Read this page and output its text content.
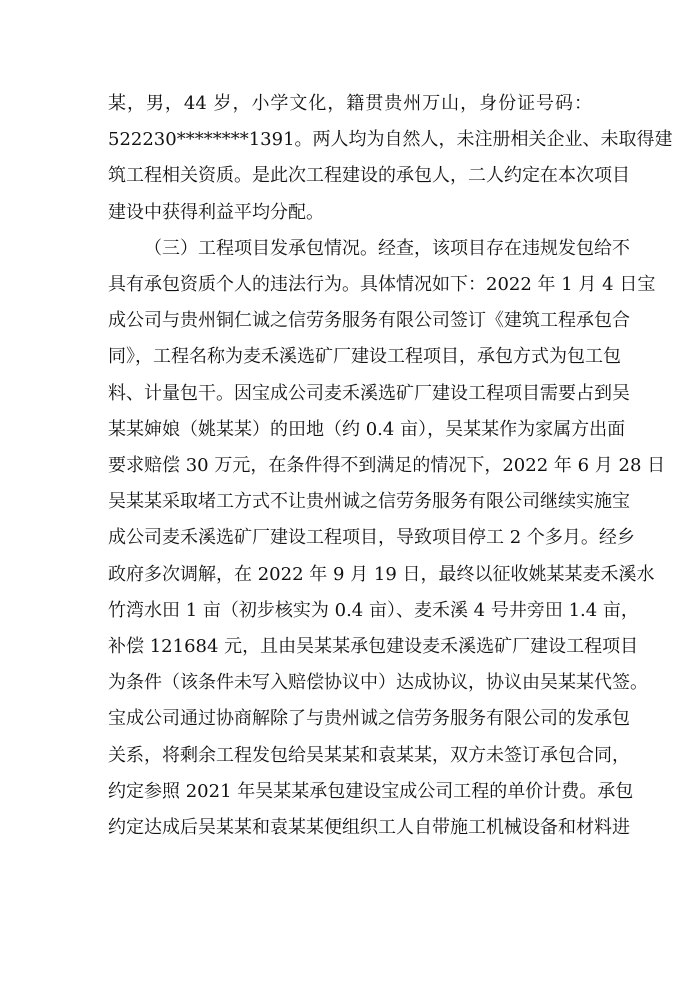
某，男，44 岁，小学文化，籍贯贵州万山，身份证号码：
522230********1391。两人均为自然人，未注册相关企业、未取得建
筑工程相关资质。是此次工程建设的承包人，二人约定在本次项目
建设中获得利益平均分配。
（三）工程项目发承包情况。经查，该项目存在违规发包给不
具有承包资质个人的违法行为。具体情况如下：2022 年 1 月 4 日宝
成公司与贵州铜仁诚之信劳务服务有限公司签订《建筑工程承包合
同》，工程名称为麦禾溪选矿厂建设工程项目，承包方式为包工包
料、计量包干。因宝成公司麦禾溪选矿厂建设工程项目需要占到吴
某某婶娘（姚某某）的田地（约 0.4 亩），吴某某作为家属方出面
要求赔偿 30 万元，在条件得不到满足的情况下，2022 年 6 月 28 日
吴某某采取堵工方式不让贵州诚之信劳务服务有限公司继续实施宝
成公司麦禾溪选矿厂建设工程项目，导致项目停工 2 个多月。经乡
政府多次调解，在 2022 年 9 月 19 日，最终以征收姚某某麦禾溪水
竹湾水田 1 亩（初步核实为 0.4 亩）、麦禾溪 4 号井旁田 1.4 亩，
补偿 121684 元，且由吴某某承包建设麦禾溪选矿厂建设工程项目
为条件（该条件未写入赔偿协议中）达成协议，协议由吴某某代签。
宝成公司通过协商解除了与贵州诚之信劳务服务有限公司的发承包
关系，将剩余工程发包给吴某某和袁某某，双方未签订承包合同，
约定参照 2021 年吴某某承包建设宝成公司工程的单价计费。承包
约定达成后吴某某和袁某某便组织工人自带施工机械设备和材料进
